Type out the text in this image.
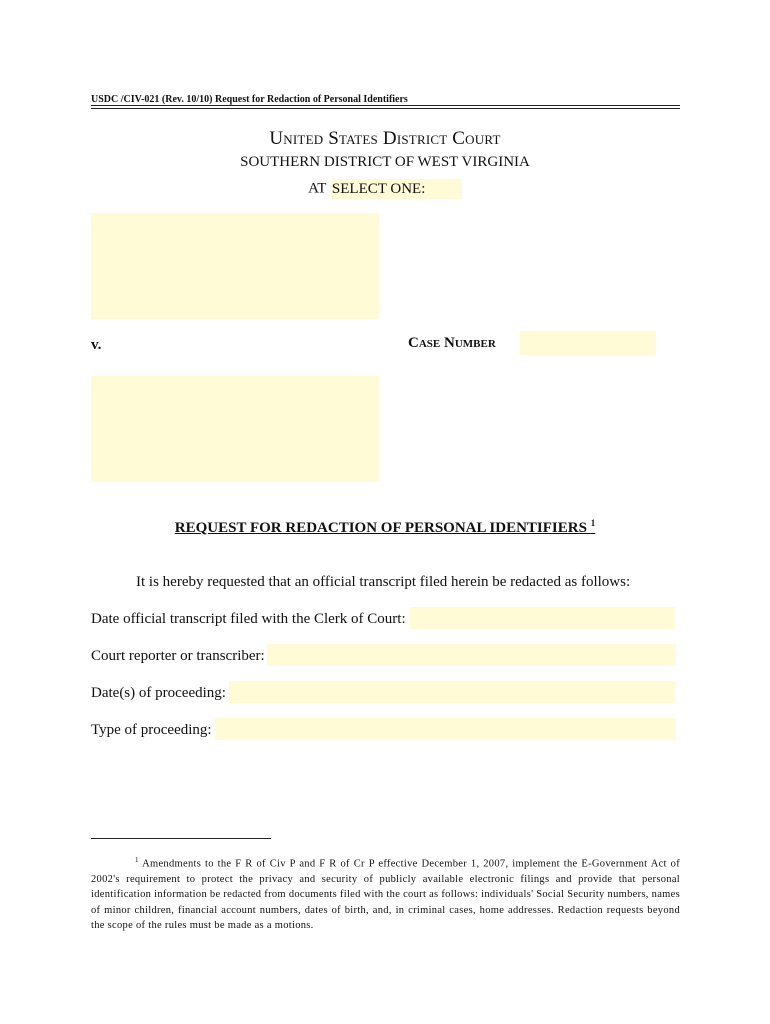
USDC /CIV-021 (Rev. 10/10) Request for Redaction of Personal Identifiers
United States District Court
SOUTHERN DISTRICT OF WEST VIRGINIA
AT SELECT ONE:
v.	Case Number
REQUEST FOR REDACTION OF PERSONAL IDENTIFIERS $^1$
It is hereby requested that an official transcript filed herein be redacted as follows:
Date official transcript filed with the Clerk of Court:
Court reporter or transcriber:
Date(s) of proceeding:
Type of proceeding:
$^1$ Amendments to the F R of Civ P and F R of Cr P effective December 1, 2007, implement the E-Government Act of 2002's requirement to protect the privacy and security of publicly available electronic filings and provide that personal identification information be redacted from documents filed with the court as follows: individuals' Social Security numbers, names of minor children, financial account numbers, dates of birth, and, in criminal cases, home addresses. Redaction requests beyond the scope of the rules must be made as a motions.
